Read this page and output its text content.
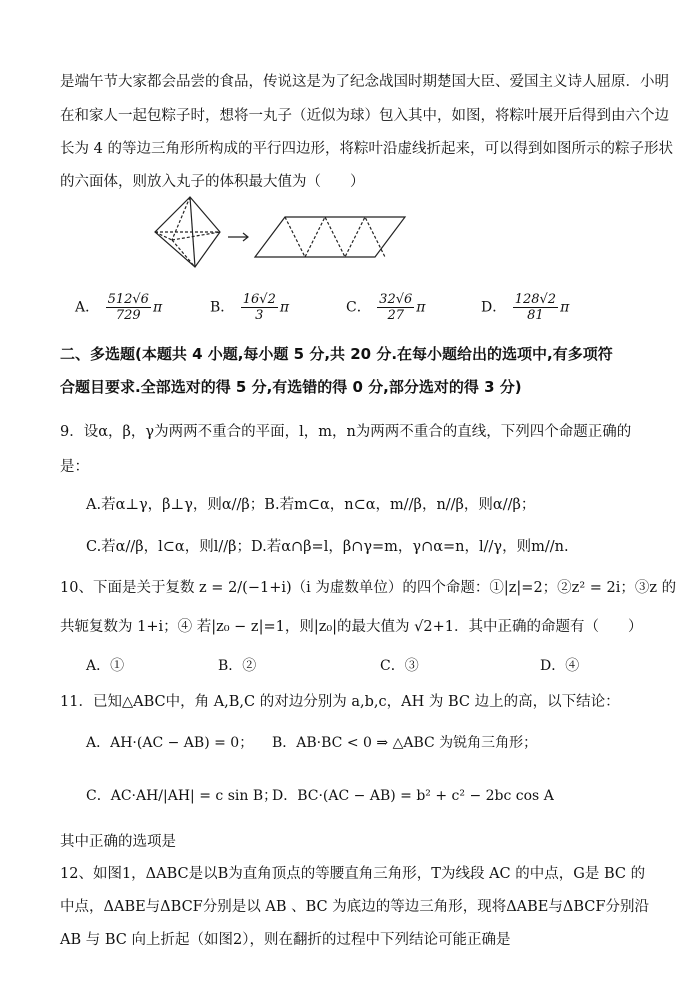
是端午节大家都会品尝的食品，传说这是为了纪念战国时期楚国大臣、爱国主义诗人屈原．小明
在和家人一起包粽子时，想将一丸子（近似为球）包入其中，如图，将粽叶展开后得到由六个边
长为 4 的等边三角形所构成的平行四边形，将粽叶沿虚线折起来，可以得到如图所示的粽子形状
的六面体，则放入丸子的体积最大值为（　　）
A． $\frac{512√6}{729}$ π	B． $\frac{16√2}{3}$ π	C． $\frac{32√6}{27}$ π	D． $\frac{128√2}{81}$ π
二、多选题(本题共 4 小题,每小题 5 分,共 20 分.在每小题给出的选项中,有多项符
合题目要求.全部选对的得 5 分,有选错的得 0 分,部分选对的得 3 分)
9．设α，β，γ为两两不重合的平面，l，m，n为两两不重合的直线，下列四个命题正确的
是：
A.若α⊥γ，β⊥γ，则α//β；B.若m⊂α，n⊂α，m//β，n//β，则α//β；
C.若α//β，l⊂α，则l//β；D.若α∩β=l，β∩γ=m，γ∩α=n，l//γ，则m//n.
10、下面是关于复数 z = 2/(−1+i)（i 为虚数单位）的四个命题：①|z|=2；②z² = 2i；③z 的
共轭复数为 1+i；④ 若|z₀ − z|=1，则|z₀|的最大值为 √2+1．其中正确的命题有（　　）
A．①	B．②	C．③	D．④
11．已知△ABC中，角 A,B,C 的对边分别为 a,b,c，AH 为 BC 边上的高，以下结论：
A．AH·(AC − AB) = 0； B．AB·BC < 0 ⇒ △ABC 为锐角三角形；
C．AC·AH/|AH| = c sin B；
D．BC·(AC − AB) = b² + c² − 2bc cos A
其中正确的选项是
12、如图1，ΔABC是以B为直角顶点的等腰直角三角形，T为线段 AC 的中点，G是 BC 的
中点，ΔABE与ΔBCF分别是以 AB 、BC 为底边的等边三角形，现将ΔABE与ΔBCF分别沿
AB 与 BC 向上折起（如图2），则在翻折的过程中下列结论可能正确是
